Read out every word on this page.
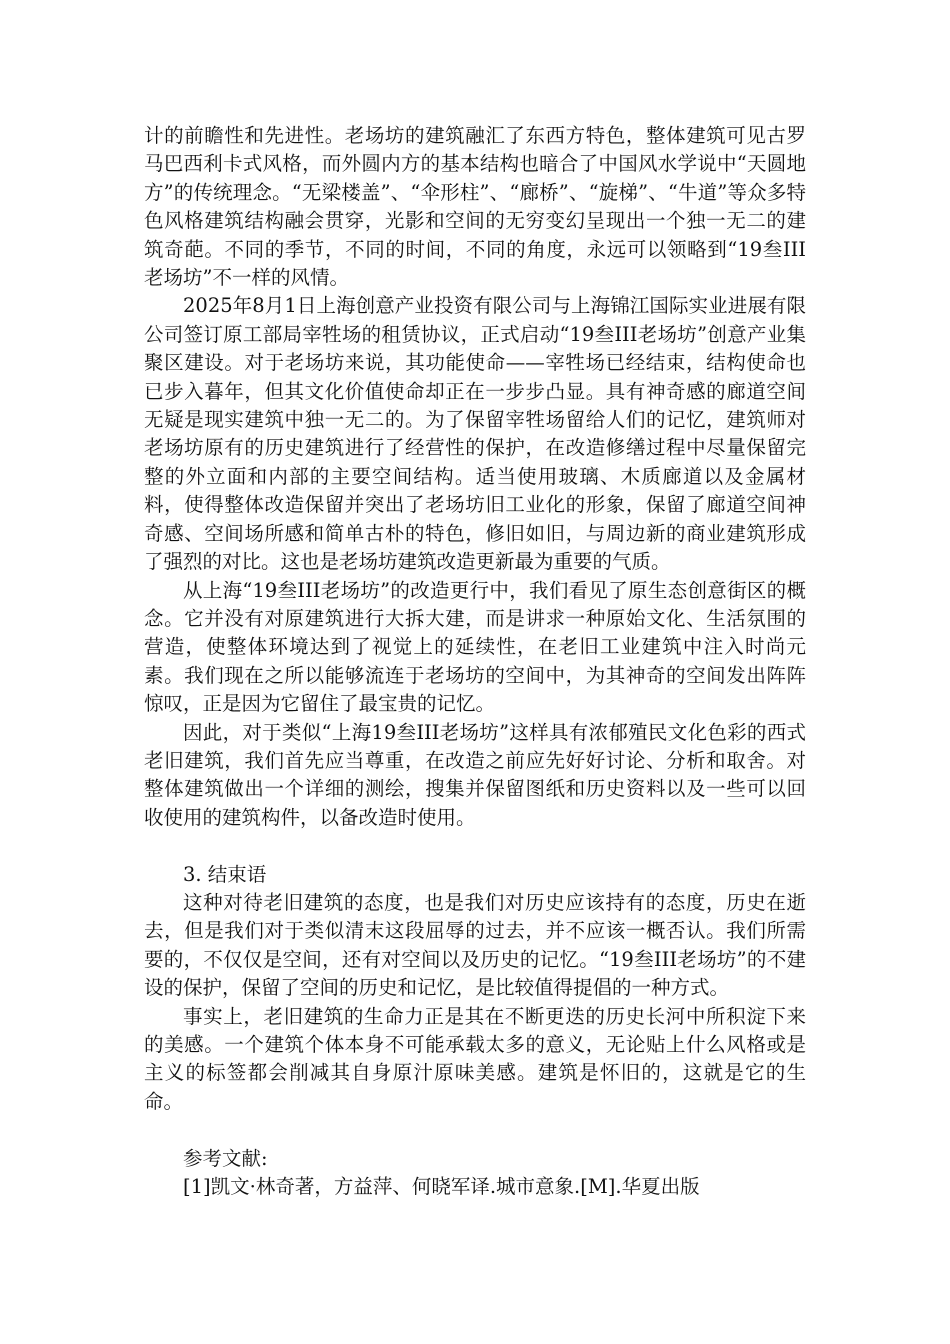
计的前瞻性和先进性。老场坊的建筑融汇了东西方特色，整体建筑可见古罗马巴西利卡式风格，而外圆内方的基本结构也暗合了中国风水学说中“天圆地方”的传统理念。“无梁楼盖”、“伞形柱”、“廊桥”、“旋梯”、“牛道”等众多特色风格建筑结构融会贯穿，光影和空间的无穷变幻呈现出一个独一无二的建筑奇葩。不同的季节，不同的时间，不同的角度，永远可以领略到“19叁III老场坊”不一样的风情。

2025年8月1日上海创意产业投资有限公司与上海锦江国际实业进展有限公司签订原工部局宰牲场的租赁协议，正式启动“19叁III老场坊”创意产业集聚区建设。对于老场坊来说，其功能使命——宰牲场已经结束，结构使命也已步入暮年，但其文化价值使命却正在一步步凸显。具有神奇感的廊道空间无疑是现实建筑中独一无二的。为了保留宰牲场留给人们的记忆，建筑师对老场坊原有的历史建筑进行了经营性的保护，在改造修缮过程中尽量保留完整的外立面和内部的主要空间结构。适当使用玻璃、木质廊道以及金属材料，使得整体改造保留并突出了老场坊旧工业化的形象，保留了廊道空间神奇感、空间场所感和简单古朴的特色，修旧如旧，与周边新的商业建筑形成了强烈的对比。这也是老场坊建筑改造更新最为重要的气质。

从上海“19叁III老场坊”的改造更行中，我们看见了原生态创意街区的概念。它并没有对原建筑进行大拆大建，而是讲求一种原始文化、生活氛围的营造，使整体环境达到了视觉上的延续性，在老旧工业建筑中注入时尚元素。我们现在之所以能够流连于老场坊的空间中，为其神奇的空间发出阵阵惊叹，正是因为它留住了最宝贵的记忆。

因此，对于类似“上海19叁III老场坊”这样具有浓郁殖民文化色彩的西式老旧建筑，我们首先应当尊重，在改造之前应先好好讨论、分析和取舍。对整体建筑做出一个详细的测绘，搜集并保留图纸和历史资料以及一些可以回收使用的建筑构件，以备改造时使用。

3. 结束语

这种对待老旧建筑的态度，也是我们对历史应该持有的态度，历史在逝去，但是我们对于类似清末这段屈辱的过去，并不应该一概否认。我们所需要的，不仅仅是空间，还有对空间以及历史的记忆。“19叁III老场坊”的不建设的保护，保留了空间的历史和记忆，是比较值得提倡的一种方式。

事实上，老旧建筑的生命力正是其在不断更迭的历史长河中所积淀下来的美感。一个建筑个体本身不可能承载太多的意义，无论贴上什么风格或是主义的标签都会削减其自身原汁原味美感。建筑是怀旧的，这就是它的生命。

参考文献:

[1]凯文·林奇著，方益萍、何晓军译.城市意象.[M].华夏出版
